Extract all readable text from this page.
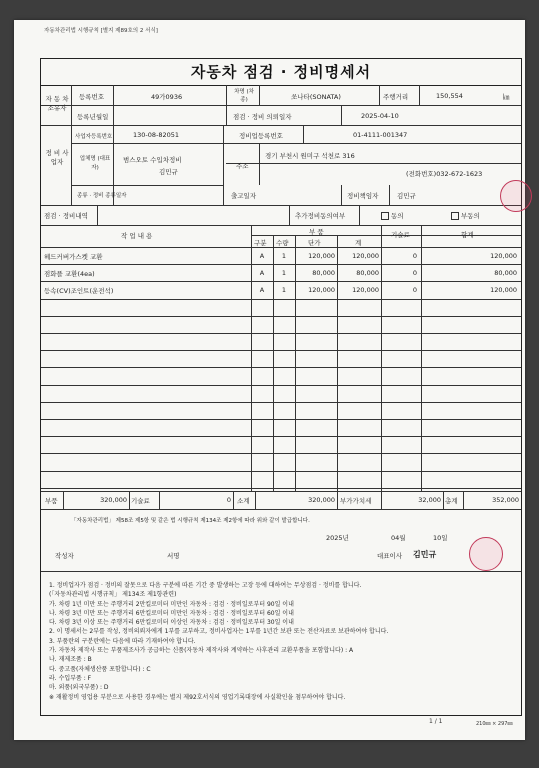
자동차관리법 시행규칙 [별지 제89호의 2 서식]
자동차 점검 · 정비명세서
자 동 차 소유자
등록번호	49가0936
차명 (차종)	쏘나타(SONATA)	주행거리	150,554	㎞
등록년월일	점검 · 정비 의뢰일자	2025-04-10
정 비 사업자
사업자등록번호	130-08-82051	정비업등록번호	01-4111-001347
업체명 (대표자)
범스오토 수입차정비
김민규
주소
경기 부천시 원미구 석천로 316
(전화번호)032-672-1623
종류 · 정비 종류일자	출고일자	정비책임자	김민규
점검 · 정비내역	추가정비동의여부	동의	부동의
작 업 내 용	부 품	기술료	합계
구분 수량	단가	계
헤드커버가스켓 교환	A	1	120,000	120,000	0	120,000
점화플 교환(4ea)	A	1	80,000	80,000	0	80,000
등속(CV)조인트(운전석)	A	1	120,000	120,000	0	120,000
부품	320,000 기술료	0 소계	320,000 부가가치세	32,000 총계	352,000
「자동차관리법」 제58조 제5항 및 같은 법 시행규칙 제134조 제2항에 따라 위와 같이 발급합니다.
2025년	04월	10일
작성자	서명	대표이사 김민규
1. 정비업자가 점검 · 정비의 잘못으로 다음 구분에 따른 기간 중 발생하는 고장 등에 대하여는 무상점검 · 정비를 합니다.
(「자동차관리법 시행규칙」 제134조 제1항관련)
가. 차령 1년 미만 또는 주행거리 2만킬로미터 미만인 자동차 : 검검 · 정비일로부터 90일 이내
나. 차령 3년 미만 또는 주행거리 6만킬로미터 미만인 자동차 : 검검 · 정비일로부터 60일 이내
다. 차령 3년 이상 또는 주행거리 6만킬로미터 이상인 자동차 : 검검 · 정비일로부터 30일 이내
2. 이 명세서는 2부를 작성, 정비의뢰자에게 1부를 교부하고, 정비사업자는 1부를 1년간 보관 또는 전산자료로 보관하여야 합니다.
3. 부품란의 구분란에는 다음에 따라 기재하여야 합니다.
가. 자동차 제작사 또는 부품제조사가 공급하는 신품(자동차 제작사와 계약하는 사후관리 교환부품을 포함합니다) : A
나. 재제조품 : B
다. 중고품(자체생산품 포함합니다) : C
라. 수입부품 : F
마. 외품(외국부품) : D
※ 재활정비 영업용 부분으로 사용한 경우에는 별지 제92호서식의 영업기록대장에 사실확인을 첨부하여야 합니다.
1 / 1	210㎜ × 297㎜
